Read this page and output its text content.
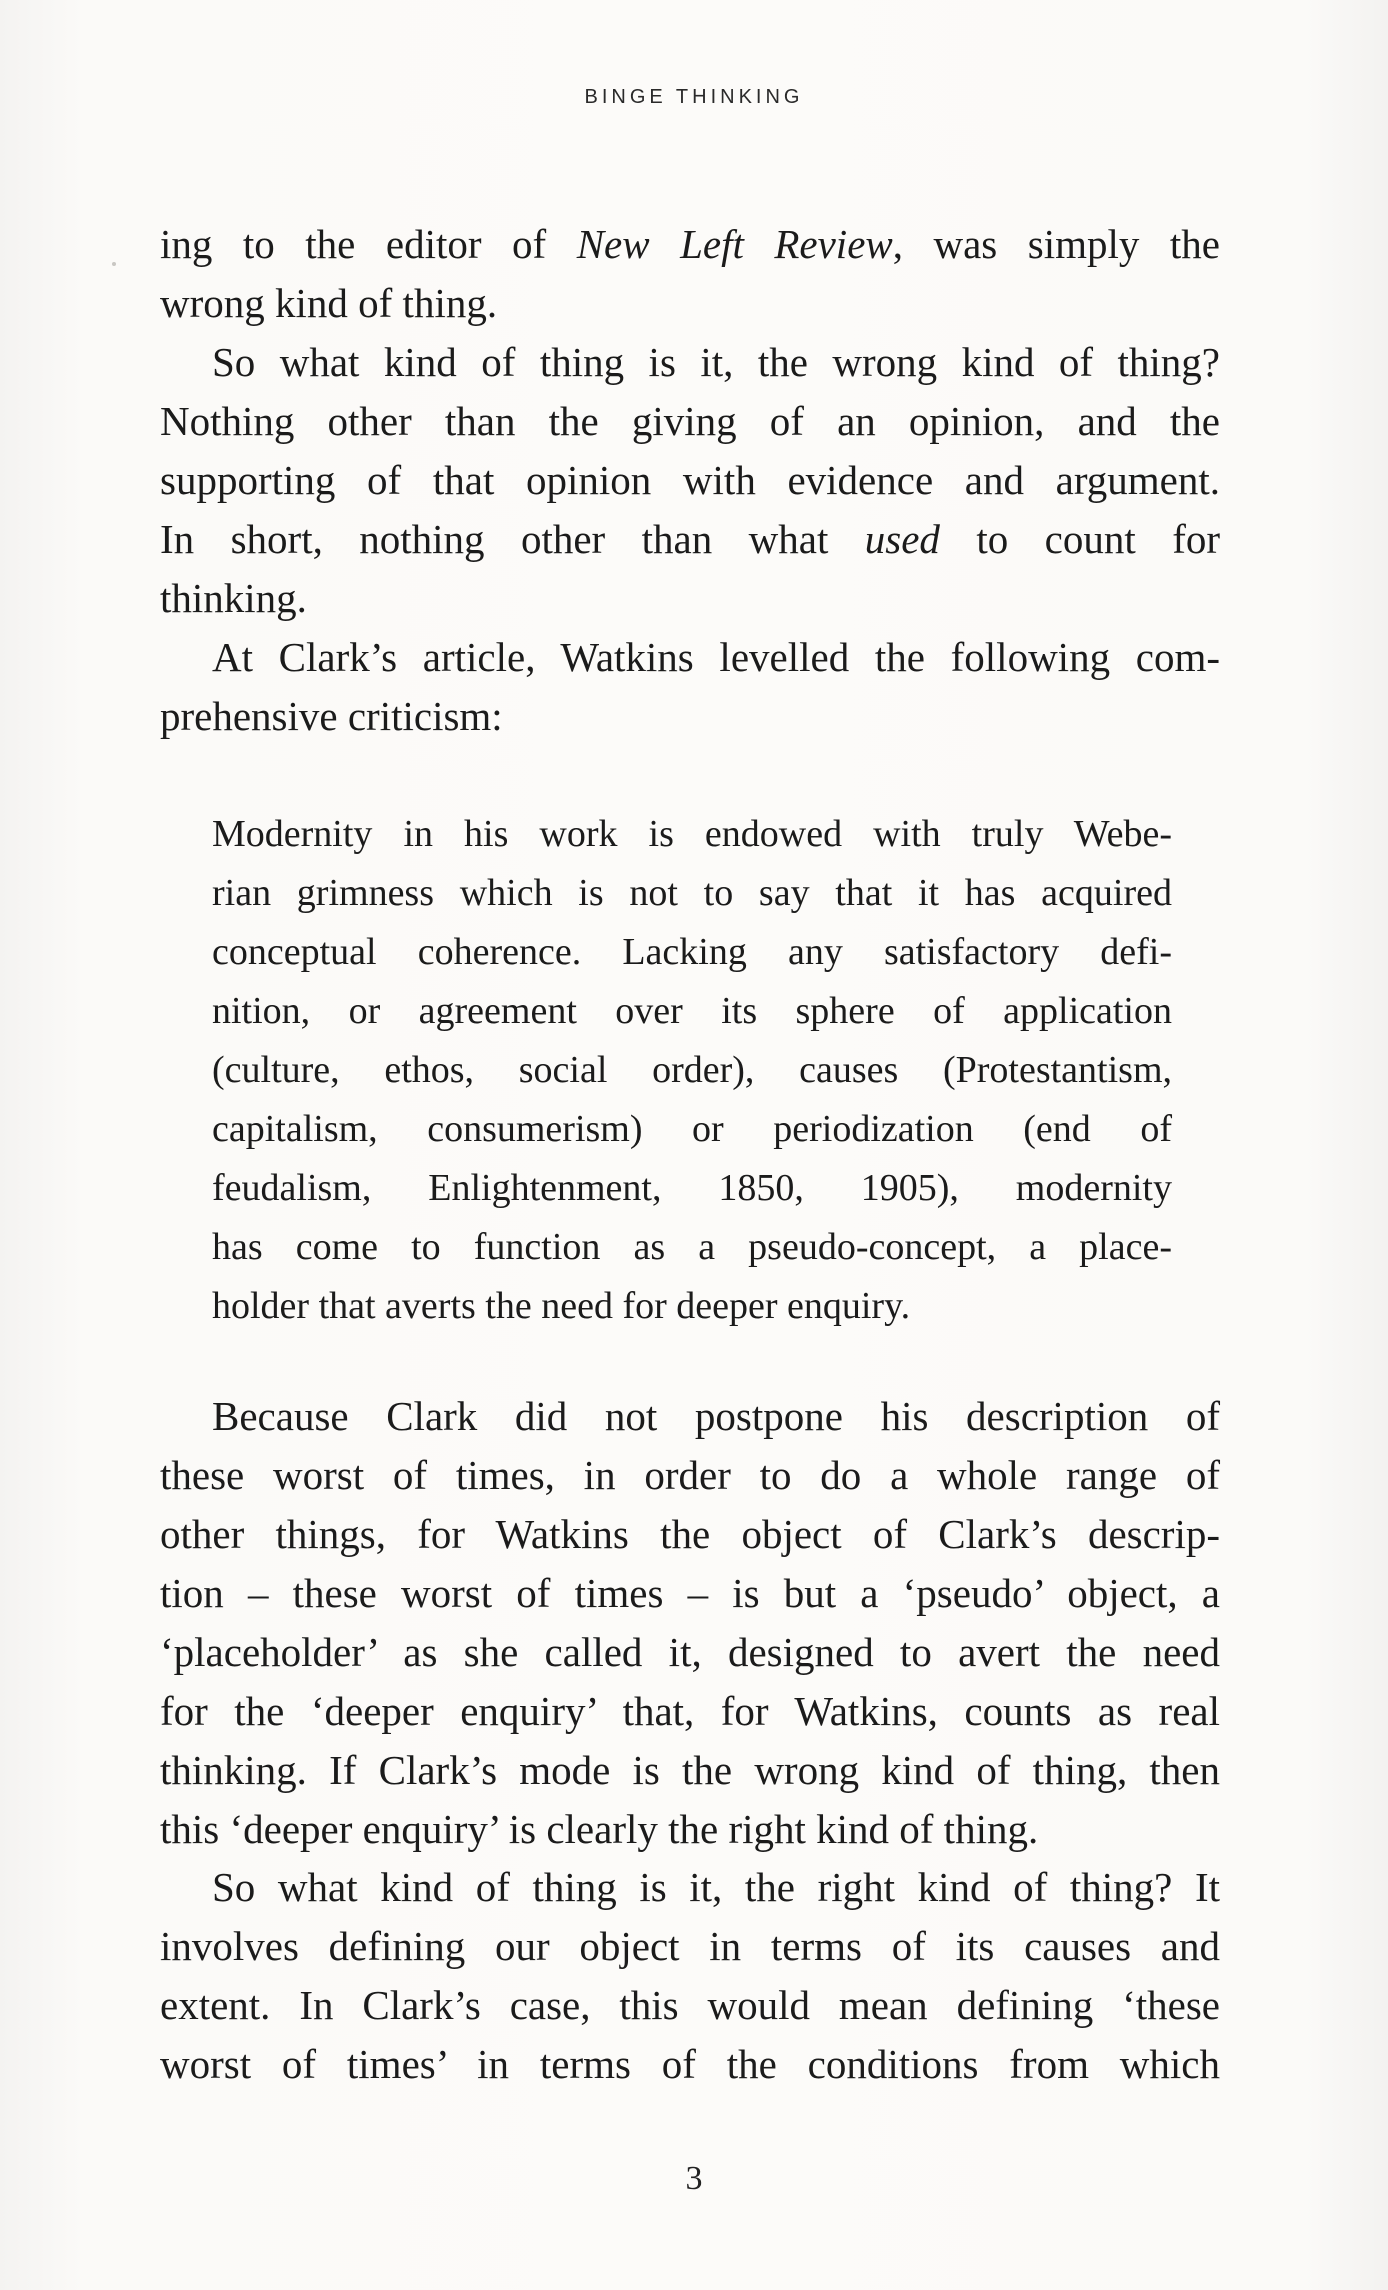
BINGE THINKING
ing to the editor of New Left Review, was simply the
wrong kind of thing.
So what kind of thing is it, the wrong kind of thing?
Nothing other than the giving of an opinion, and the
supporting of that opinion with evidence and argument.
In short, nothing other than what used to count for
thinking.
At Clark’s article, Watkins levelled the following com-
prehensive criticism:
Modernity in his work is endowed with truly Webe-
rian grimness which is not to say that it has acquired
conceptual coherence. Lacking any satisfactory defi-
nition, or agreement over its sphere of application
(culture, ethos, social order), causes (Protestantism,
capitalism, consumerism) or periodization (end of
feudalism, Enlightenment, 1850, 1905), modernity
has come to function as a pseudo-concept, a place-
holder that averts the need for deeper enquiry.
Because Clark did not postpone his description of
these worst of times, in order to do a whole range of
other things, for Watkins the object of Clark’s descrip-
tion – these worst of times – is but a ‘pseudo’ object, a
‘placeholder’ as she called it, designed to avert the need
for the ‘deeper enquiry’ that, for Watkins, counts as real
thinking. If Clark’s mode is the wrong kind of thing, then
this ‘deeper enquiry’ is clearly the right kind of thing.
So what kind of thing is it, the right kind of thing? It
involves defining our object in terms of its causes and
extent. In Clark’s case, this would mean defining ‘these
worst of times’ in terms of the conditions from which
3
